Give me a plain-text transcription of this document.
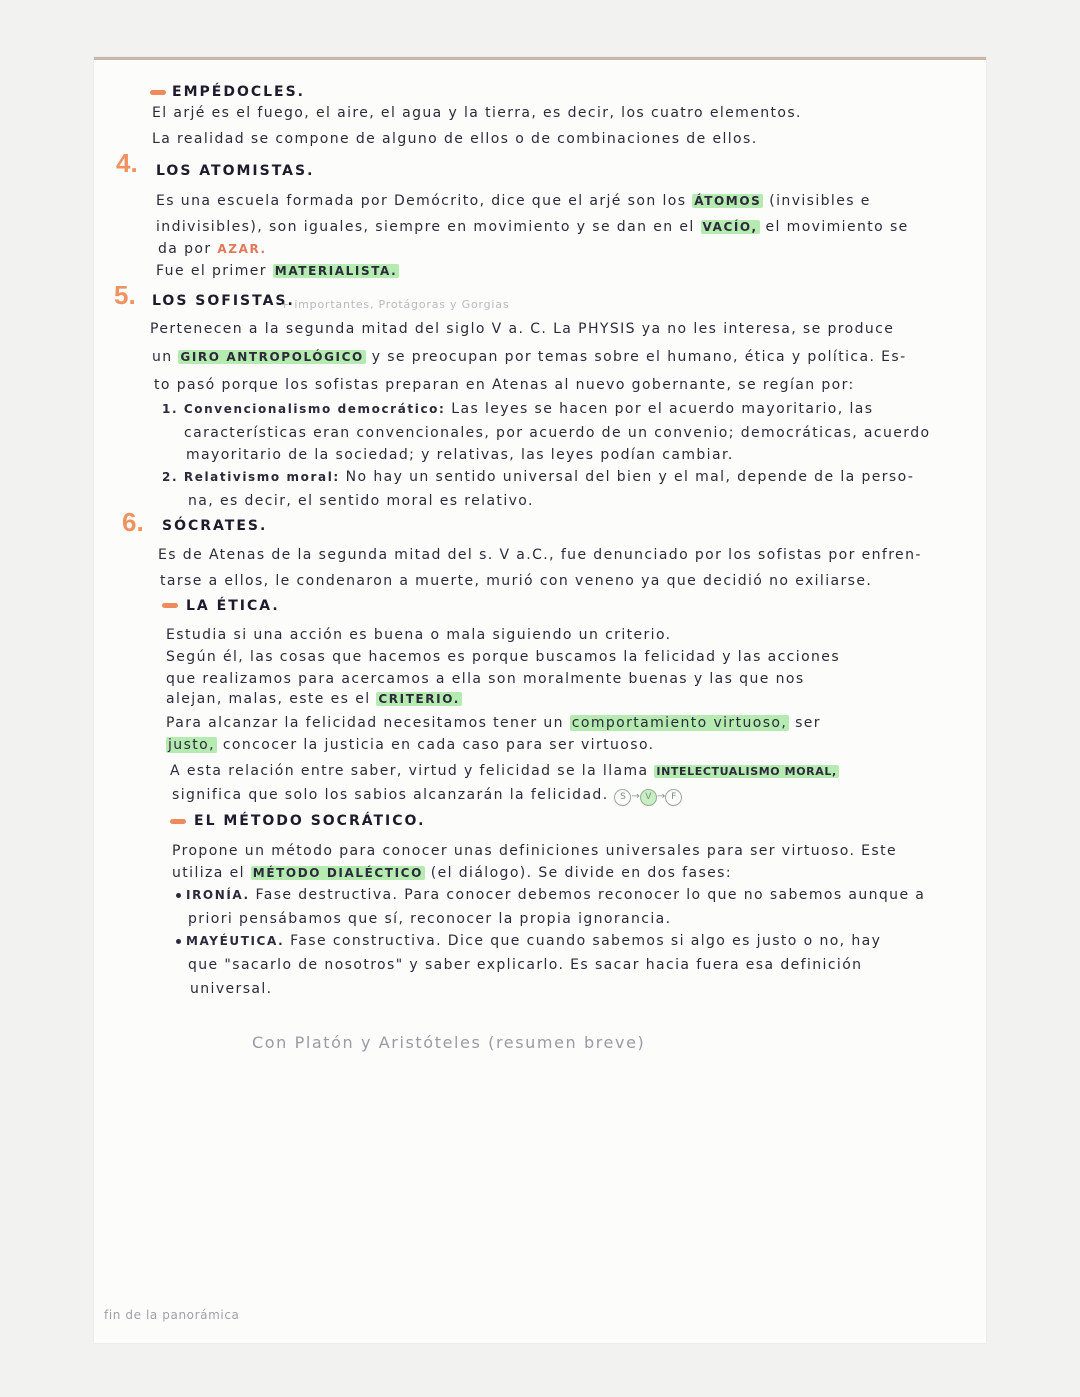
EMPÉDOCLES.
El arjé es el fuego, el aire, el agua y la tierra, es decir, los cuatro elementos.
La realidad se compone de alguno de ellos o de combinaciones de ellos.
4. LOS ATOMISTAS.
Es una escuela formada por Demócrito, dice que el arjé son los ÁTOMOS (invisibles e
indivisibles), son iguales, siempre en movimiento y se dan en el VACÍO, el movimiento se
da por AZAR.
Fue el primer MATERIALISTA.
5. LOS SOFISTAS.
+ importantes, Protágoras y Gorgias
Pertenecen a la segunda mitad del siglo V a. C. La PHYSIS ya no les interesa, se produce
un GIRO ANTROPOLÓGICO y se preocupan por temas sobre el humano, ética y política. Es-
to pasó porque los sofistas preparan en Atenas al nuevo gobernante, se regían por:
1. Convencionalismo democrático: Las leyes se hacen por el acuerdo mayoritario, las
características eran convencionales, por acuerdo de un convenio; democráticas, acuerdo
mayoritario de la sociedad; y relativas, las leyes podían cambiar.
2. Relativismo moral: No hay un sentido universal del bien y el mal, depende de la perso-
na, es decir, el sentido moral es relativo.
6. SÓCRATES.
Es de Atenas de la segunda mitad del s. V a.C., fue denunciado por los sofistas por enfren-
tarse a ellos, le condenaron a muerte, murió con veneno ya que decidió no exiliarse.
LA ÉTICA.
Estudia si una acción es buena o mala siguiendo un criterio.
Según él, las cosas que hacemos es porque buscamos la felicidad y las acciones
que realizamos para acercamos a ella son moralmente buenas y las que nos
alejan, malas, este es el CRITERIO.
Para alcanzar la felicidad necesitamos tener un comportamiento virtuoso, ser
justo, concocer la justicia en cada caso para ser virtuoso.
A esta relación entre saber, virtud y felicidad se la llama INTELECTUALISMO MORAL,
significa que solo los sabios alcanzarán la felicidad. S → V → F
EL MÉTODO SOCRÁTICO.
Propone un método para conocer unas definiciones universales para ser virtuoso. Este
utiliza el MÉTODO DIALÉCTICO (el diálogo). Se divide en dos fases:
IRONÍA. Fase destructiva. Para conocer debemos reconocer lo que no sabemos aunque a
priori pensábamos que sí, reconocer la propia ignorancia.
MAYÉUTICA. Fase constructiva. Dice que cuando sabemos si algo es justo o no, hay
que "sacarlo de nosotros" y saber explicarlo. Es sacar hacia fuera esa definición
universal.
Con Platón y Aristóteles (resumen breve)
fin de la panorámica
